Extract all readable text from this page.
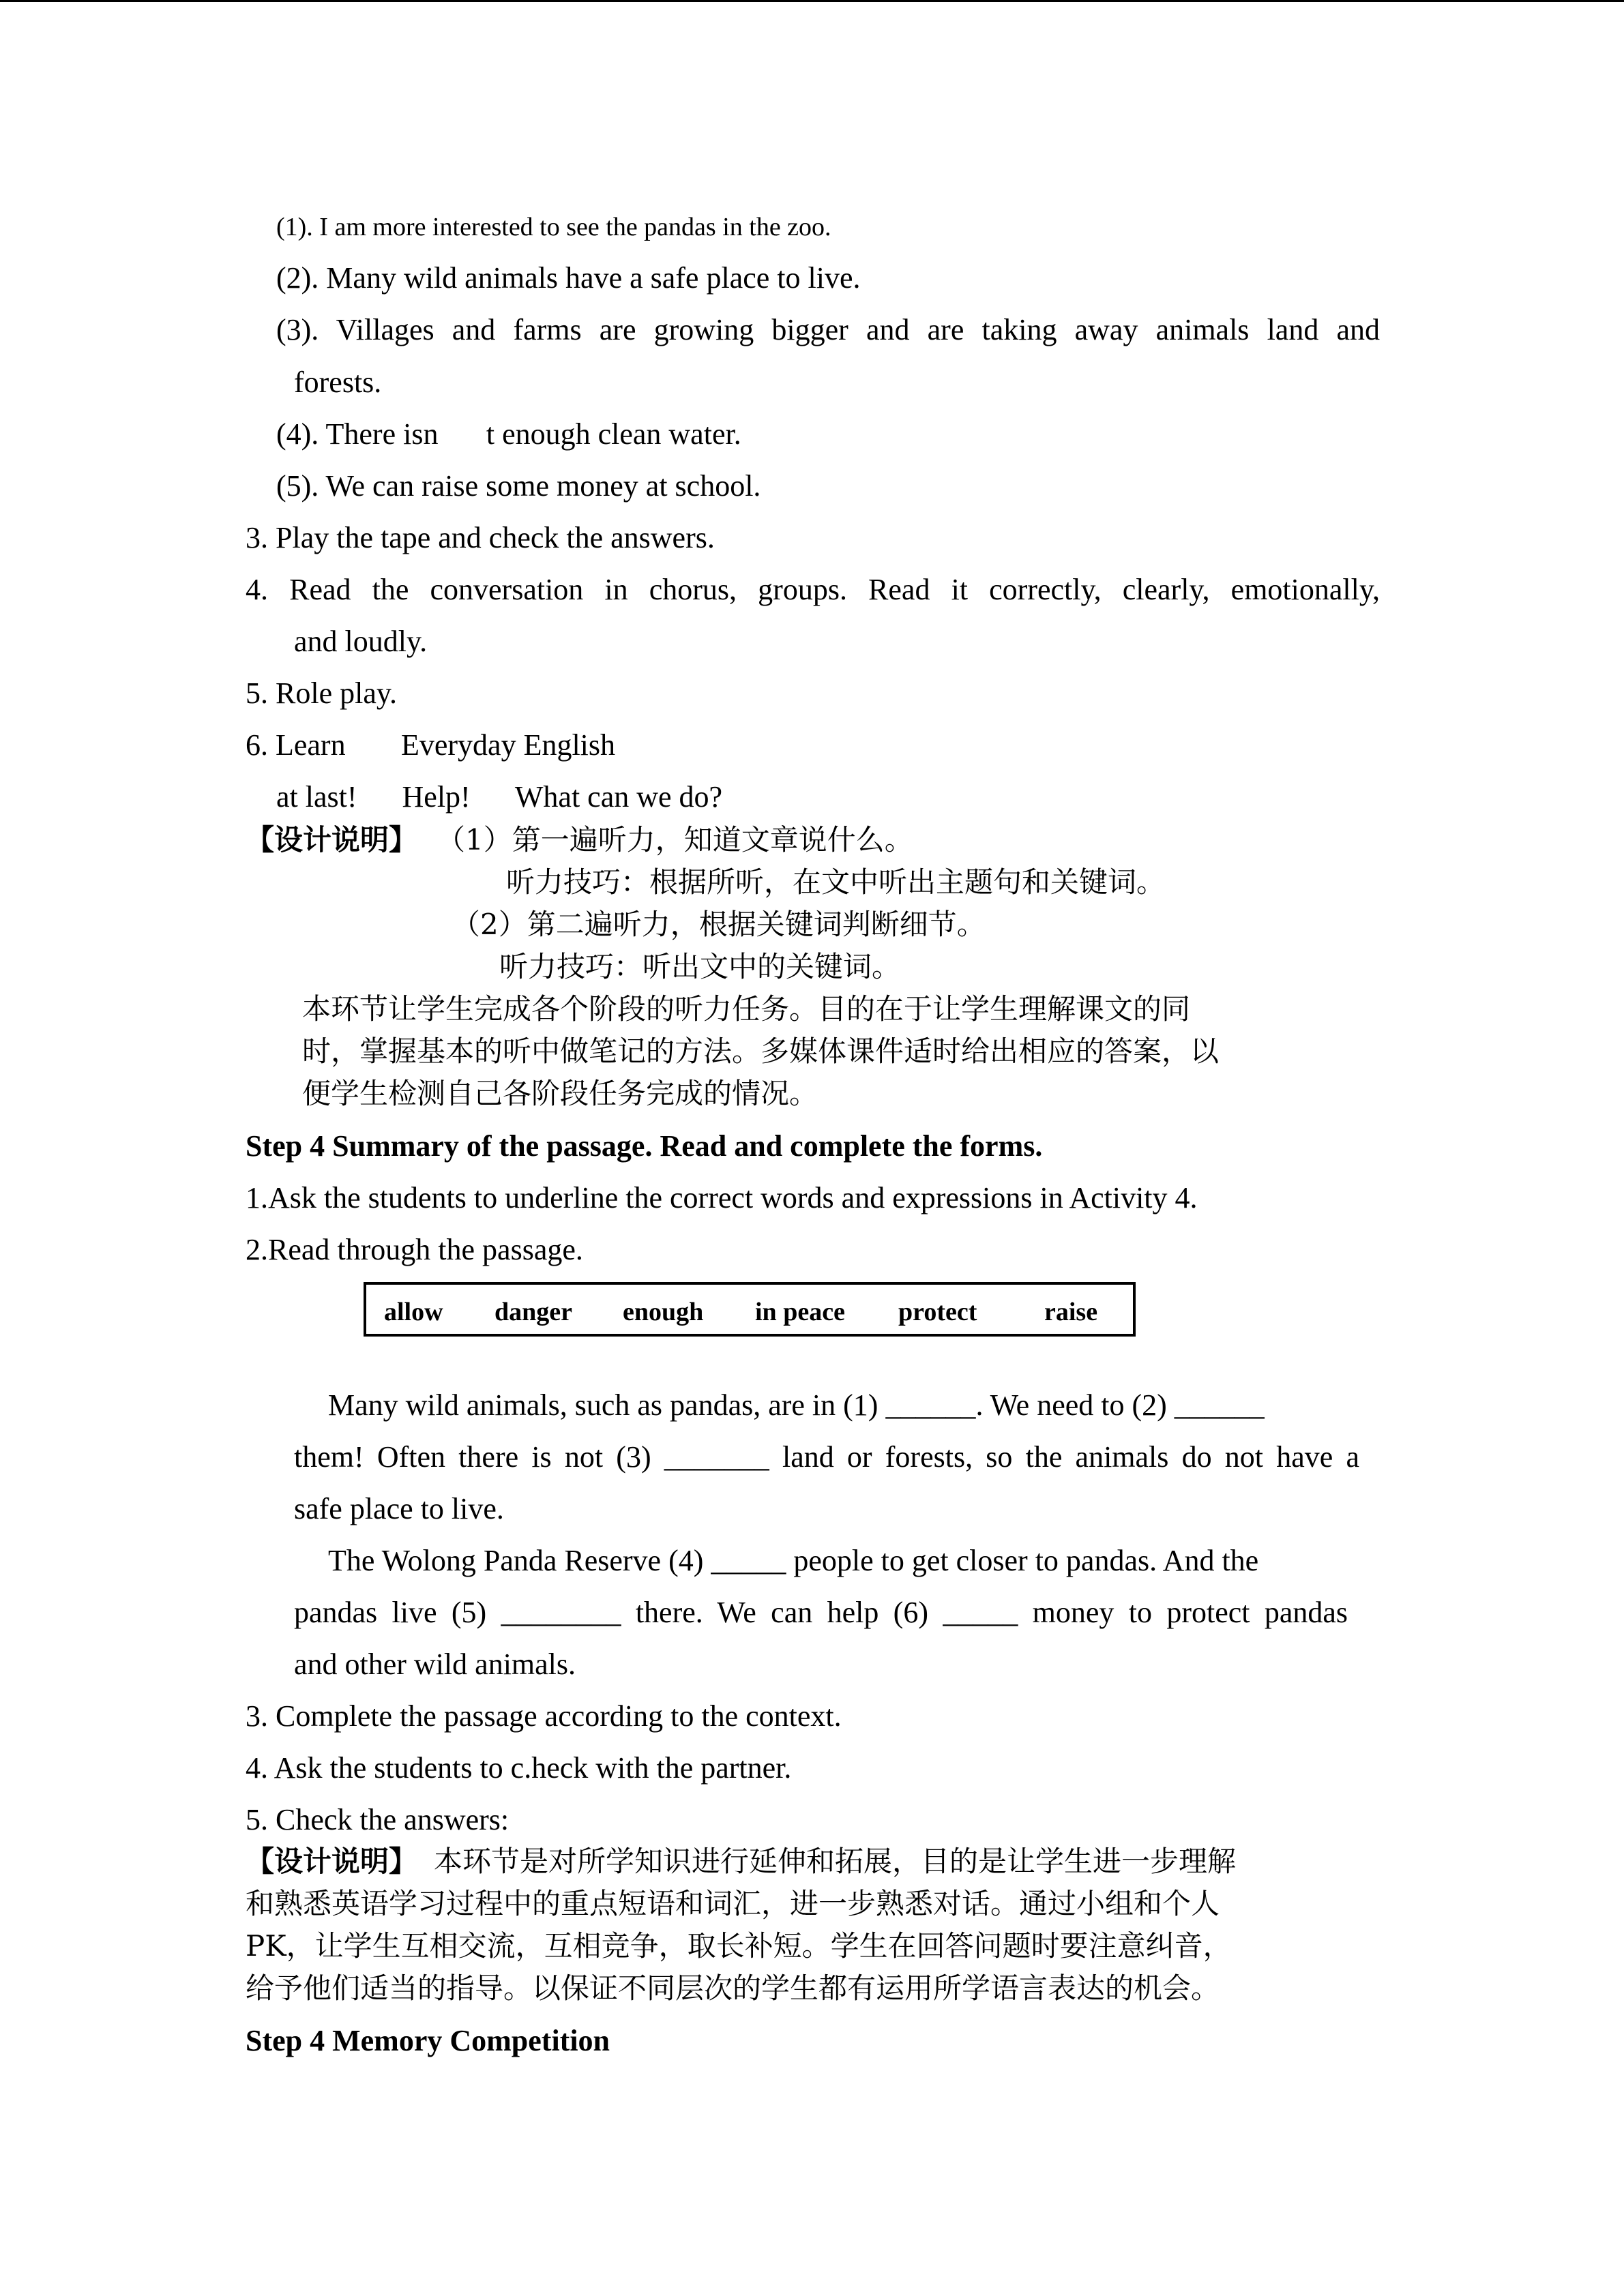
(1). I am more interested to see the pandas in the zoo.
(2). Many wild animals have a safe place to live.
(3). Villages and farms are growing bigger and are taking away animals land and
forests.
(4). There isnt enough clean water.
(5). We can raise some money at school.
3. Play the tape and check the answers.
4. Read the conversation in chorus, groups. Read it correctly, clearly, emotionally,
and loudly.
5. Role play.
6. Learn Everyday English
at last!      Help!      What can we do?
【设计说明】 （1）第一遍听力，知道文章说什么。
听力技巧：根据所听，在文中听出主题句和关键词。
（2）第二遍听力，根据关键词判断细节。
听力技巧：听出文中的关键词。
本环节让学生完成各个阶段的听力任务。目的在于让学生理解课文的同
时，掌握基本的听中做笔记的方法。多媒体课件适时给出相应的答案，以
便学生检测自己各阶段任务完成的情况。
Step 4 Summary of the passage. Read and complete the forms.
1.Ask the students to underline the correct words and expressions in Activity 4.
2.Read through the passage.
allow danger enough in peace protect	raise
Many wild animals, such as pandas, are in (1) ______. We need to (2) ______
them! Often there is not (3) _______ land or forests, so the animals do not have a
safe place to live.
The Wolong Panda Reserve (4) _____ people to get closer to pandas. And the
pandas live (5) ________ there. We can help (6) _____ money to protect pandas
and other wild animals.
3. Complete the passage according to the context.
4. Ask the students to c.heck with the partner.
5. Check the answers:
【设计说明】 本环节是对所学知识进行延伸和拓展，目的是让学生进一步理解
和熟悉英语学习过程中的重点短语和词汇，进一步熟悉对话。通过小组和个人
PK，让学生互相交流，互相竞争，取长补短。学生在回答问题时要注意纠音，
给予他们适当的指导。以保证不同层次的学生都有运用所学语言表达的机会。
Step 4 Memory Competition
